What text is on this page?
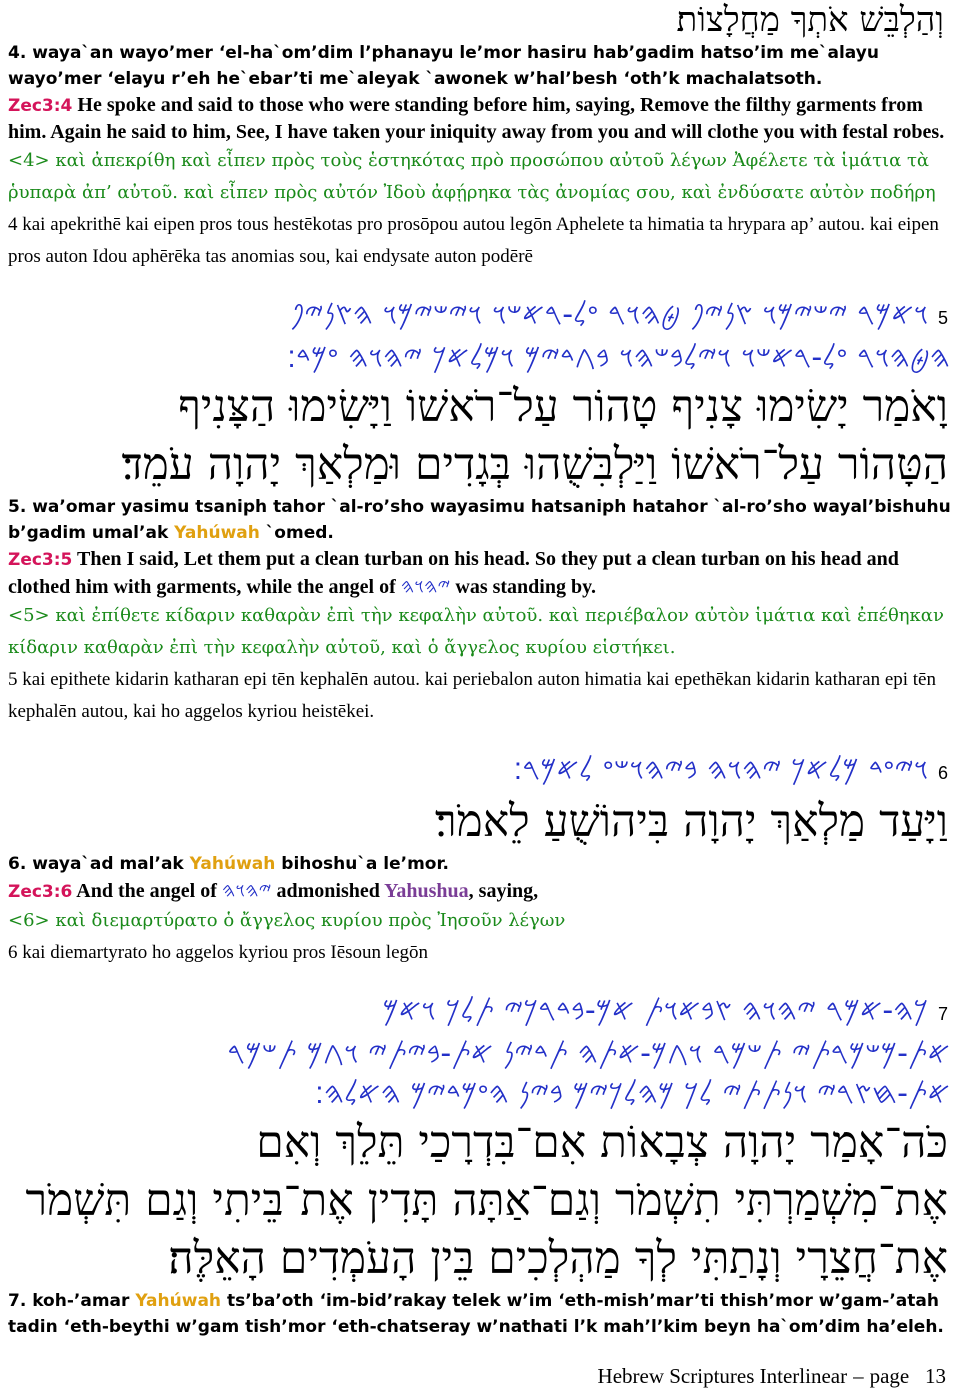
וְהַלְבֵּשׁ אֹתְךָ מַחֲלָצוֹת׃
4. waya`an wayo’mer ‘el-ha`om’dim l’phanayu le’mor hasiru hab’gadim hatso’im me`alayu wayo’mer ‘elayu r’eh he`ebar’ti me`aleyak `awonek w’hal’besh ‘oth’k machalatsoth.
Zec3:4 He spoke and said to those who were standing before him, saying, Remove the filthy garments from him. Again he said to him, See, I have taken your iniquity away from you and will clothe you with festal robes.
<4> καὶ ἀπεκρίθη καὶ εἶπεν πρὸς τοὺς ἑστηκότας πρὸ προσώπου αὐτοῦ λέγων Ἀφέλετε τὰ ἱμάτια τὰ ῥυπαρὰ ἀπ’ αὐτοῦ. καὶ εἶπεν πρὸς αὐτόν Ἰδοὺ ἀφῄρηκα τὰς ἀνομίας σου, καὶ ἐνδύσατε αὐτὸν ποδήρη
4 kai apekrithē kai eipen pros tous hestēkotas pro prosōpou autou legōn Aphelete ta himatia ta hrypara ap’ autou. kai eipen pros auton Idou aphērēka tas anomias sou, kai endysate auton podērē
5 𐤅𐤀𐤌𐤓 𐤉𐤔𐤉𐤌𐤅 𐤑𐤍𐤉𐤐 𐤈𐤄𐤅𐤓 𐤏𐤋-𐤓𐤀𐤔𐤅 𐤅𐤉𐤔𐤉𐤌𐤅 𐤄𐤑𐤍𐤉𐤐
𐤄𐤈𐤄𐤅𐤓 𐤏𐤋-𐤓𐤀𐤔𐤅 𐤅𐤉𐤋𐤁𐤔𐤄𐤅 𐤁𐤂𐤃𐤉𐤌 𐤅𐤌𐤋𐤀𐤊 𐤉𐤄𐤅𐤄 𐤏𐤌𐤃׃
וָאֹמַר יָשִׂימוּ צָנִיף טָהוֹר עַל־רֹאשׁוֹ וַיָּשִׂימוּ הַצָּנִיף
הַטָּהוֹר עַל־רֹאשׁוֹ וַיַּלְבִּשֻׁהוּ בְּגָדִים וּמַלְאַךְ יָהוָה עֹמֵד׃
5. wa’omar yasimu tsaniph tahor `al-ro’sho wayasimu hatsaniph hatahor `al-ro’sho wayal’bishuhu b’gadim umal’ak Yahúwah `omed.
Zec3:5 Then I said, Let them put a clean turban on his head. So they put a clean turban on his head and clothed him with garments, while the angel of 𐤉𐤄𐤅𐤄 was standing by.
<5> καὶ ἐπίθετε κίδαριν καθαρὰν ἐπὶ τὴν κεφαλὴν αὐτοῦ. καὶ περιέβαλον αὐτὸν ἱμάτια καὶ ἐπέθηκαν κίδαριν καθαρὰν ἐπὶ τὴν κεφαλὴν αὐτοῦ, καὶ ὁ ἄγγελος κυρίου εἱστήκει.
5 kai epithete kidarin katharan epi tēn kephalēn autou. kai periebalon auton himatia kai epethēkan kidarin katharan epi tēn kephalēn autou, kai ho aggelos kyriou heistēkei.
6 𐤅𐤉𐤏𐤃 𐤌𐤋𐤀𐤊 𐤉𐤄𐤅𐤄 𐤁𐤉𐤄𐤅𐤔𐤏 𐤋𐤀𐤌𐤓׃
וַיָּעַד מַלְאַךְ יָהוָה בִּיהוֹשֻׁעַ לֵאמֹר׃
6. waya`ad mal’ak Yahúwah bihoshu`a le’mor.
Zec3:6 And the angel of 𐤉𐤄𐤅𐤄 admonished Yahushua, saying,
<6> καὶ διεμαρτύρατο ὁ ἄγγελος κυρίου πρὸς Ἰησοῦν λέγων
6 kai diemartyrato ho aggelos kyriou pros Iēsoun legōn
7 𐤊𐤄-𐤀𐤌𐤓 𐤉𐤄𐤅𐤄 𐤑𐤁𐤀𐤅𐤕 𐤀𐤌-𐤁𐤃𐤓𐤊𐤉 𐤕𐤋𐤊 𐤅𐤀𐤌
𐤀𐤕-𐤌𐤔𐤌𐤓𐤕𐤉 𐤕𐤔𐤌𐤓 𐤅𐤂𐤌-𐤀𐤕𐤄 𐤕𐤃𐤉𐤍 𐤀𐤕-𐤁𐤉𐤕𐤉 𐤅𐤂𐤌 𐤕𐤔𐤌𐤓
𐤀𐤕-𐤇𐤑𐤓𐤉 𐤅𐤍𐤕𐤕𐤉 𐤋𐤊 𐤌𐤄𐤋𐤊𐤉𐤌 𐤁𐤉𐤍 𐤄𐤏𐤌𐤃𐤉𐤌 𐤄𐤀𐤋𐤄׃
כֹּה־אָמַר יָהוָה צְבָאוֹת אִם־בִּדְרָכַי תֵּלֵךְ וְאִם
אֶת־מִשְׁמַרְתִּי תִשְׁמֹר וְגַם־אַתָּה תָּדִין אֶת־בֵּיתִי וְגַם תִּשְׁמֹר
אֶת־חֲצֵרָי וְנָתַתִּי לְךָ מַהְלְכִים בֵּין הָעֹמְדִים הָאֵלֶּה׃
7. koh-’amar Yahúwah ts’ba’oth ‘im-bid’rakay telek w’im ‘eth-mish’mar’ti thish’mor w’gam-’atah tadin ‘eth-beythi w’gam tish’mor ‘eth-chatseray w’nathati l’k mah’l’kim beyn ha`om’dim ha’eleh.
Hebrew Scriptures Interlinear – page 13
